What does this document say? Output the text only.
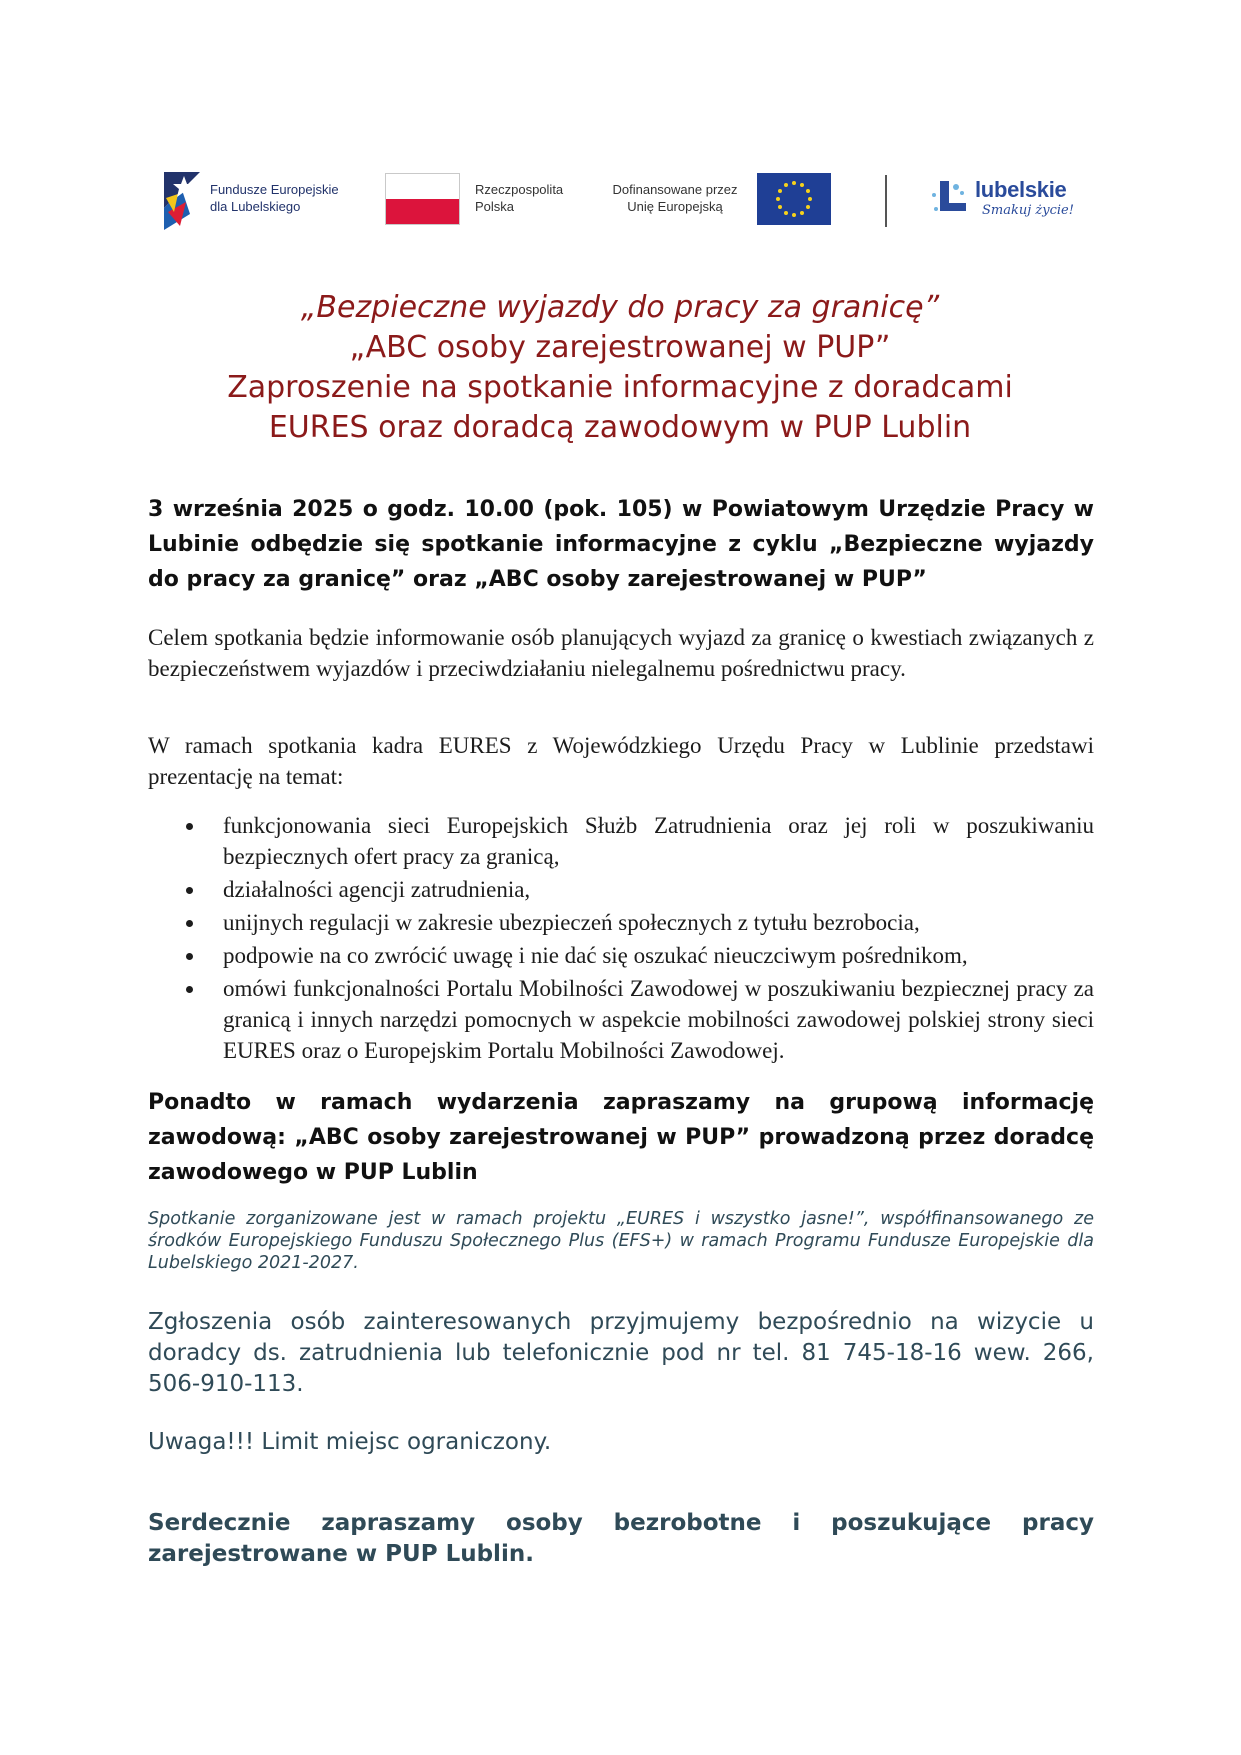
Fundusze Europejskie
dla Lubelskiego
Rzeczpospolita
Polska
Dofinansowane przez
Unię Europejską
lubelskie
Smakuj życie!
„Bezpieczne wyjazdy do pracy za granicę”
„ABC osoby zarejestrowanej w PUP”
Zaproszenie na spotkanie informacyjne z doradcami
EURES oraz doradcą zawodowym w PUP Lublin
3 września 2025 o godz. 10.00 (pok. 105) w Powiatowym Urzędzie Pracy w Lubinie odbędzie się spotkanie informacyjne z cyklu „Bezpieczne wyjazdy do pracy za granicę” oraz „ABC osoby zarejestrowanej w PUP”
Celem spotkania będzie informowanie osób planujących wyjazd za granicę o kwestiach związanych z bezpieczeństwem wyjazdów i przeciwdziałaniu nielegalnemu pośrednictwu pracy.
W ramach spotkania kadra EURES z Wojewódzkiego Urzędu Pracy w Lublinie przedstawi prezentację na temat:
funkcjonowania sieci Europejskich Służb Zatrudnienia oraz jej roli w poszukiwaniu bezpiecznych ofert pracy za granicą,
działalności agencji zatrudnienia,
unijnych regulacji w zakresie ubezpieczeń społecznych z tytułu bezrobocia,
podpowie na co zwrócić uwagę i nie dać się oszukać nieuczciwym pośrednikom,
omówi funkcjonalności Portalu Mobilności Zawodowej w poszukiwaniu bezpiecznej pracy za granicą i innych narzędzi pomocnych w aspekcie mobilności zawodowej polskiej strony sieci EURES oraz o Europejskim Portalu Mobilności Zawodowej.
Ponadto w ramach wydarzenia zapraszamy na grupową informację zawodową: „ABC osoby zarejestrowanej w PUP” prowadzoną przez doradcę zawodowego w PUP Lublin
Spotkanie zorganizowane jest w ramach projektu „EURES i wszystko jasne!”, współfinansowanego ze środków Europejskiego Funduszu Społecznego Plus (EFS+) w ramach Programu Fundusze Europejskie dla Lubelskiego 2021-2027.
Zgłoszenia osób zainteresowanych przyjmujemy bezpośrednio na wizycie u doradcy ds. zatrudnienia lub telefonicznie pod nr tel. 81 745-18-16 wew. 266, 506-910-113.
Uwaga!!! Limit miejsc ograniczony.
Serdecznie zapraszamy osoby bezrobotne i poszukujące pracy zarejestrowane w PUP Lublin.
